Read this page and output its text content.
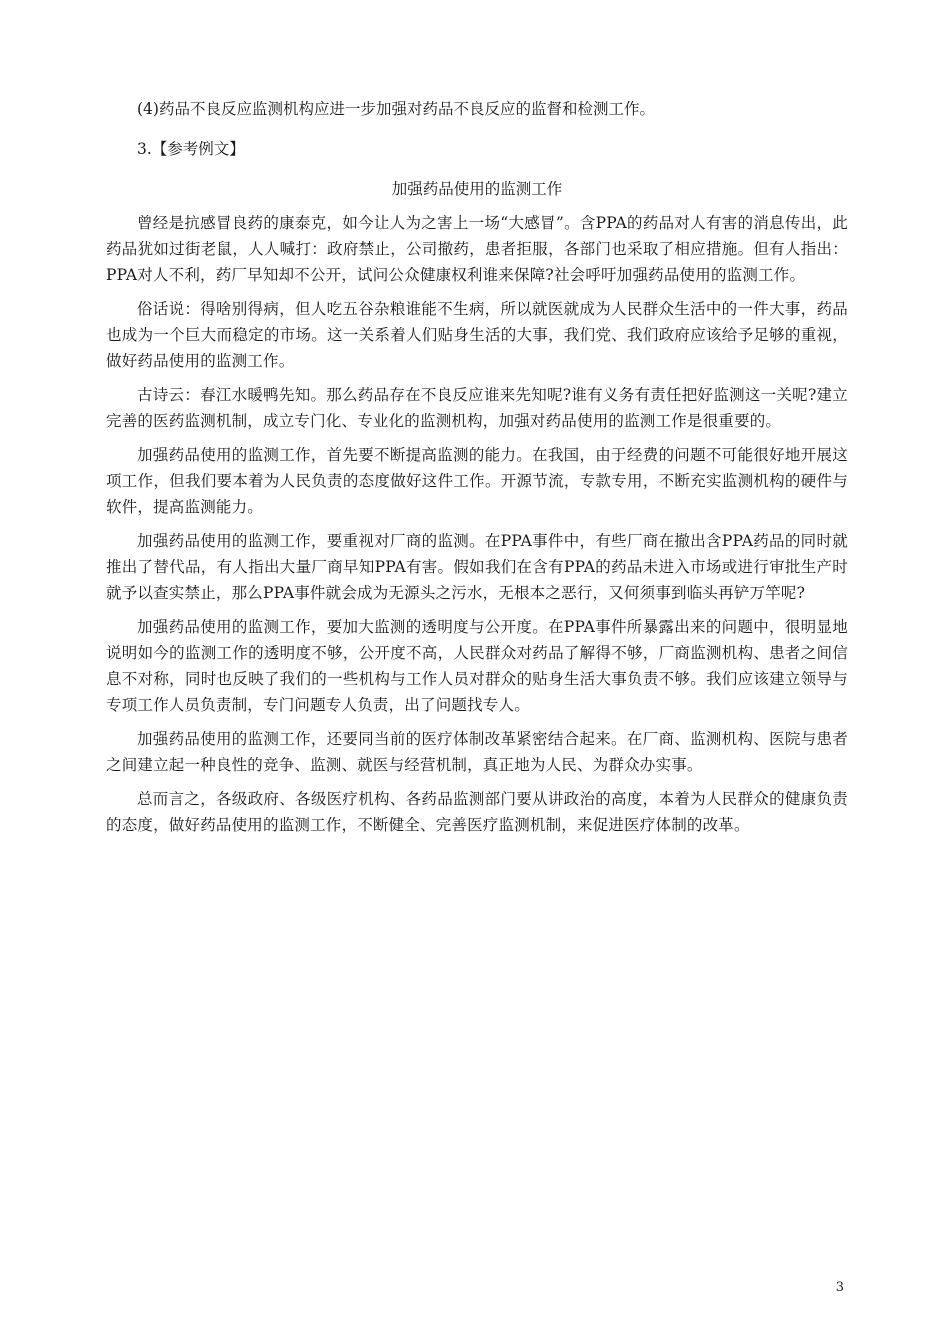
(4)药品不良反应监测机构应进一步加强对药品不良反应的监督和检测工作。

3.【参考例文】

加强药品使用的监测工作

曾经是抗感冒良药的康泰克，如今让人为之害上一场“大感冒”。含PPA的药品对人有害的消息传出，此药品犹如过街老鼠，人人喊打：政府禁止，公司撤药，患者拒服，各部门也采取了相应措施。但有人指出：PPA对人不利，药厂早知却不公开，试问公众健康权利谁来保障?社会呼吁加强药品使用的监测工作。

俗话说：得啥别得病，但人吃五谷杂粮谁能不生病，所以就医就成为人民群众生活中的一件大事，药品也成为一个巨大而稳定的市场。这一关系着人们贴身生活的大事，我们党、我们政府应该给予足够的重视，做好药品使用的监测工作。

古诗云：春江水暖鸭先知。那么药品存在不良反应谁来先知呢?谁有义务有责任把好监测这一关呢?建立完善的医药监测机制，成立专门化、专业化的监测机构，加强对药品使用的监测工作是很重要的。

加强药品使用的监测工作，首先要不断提高监测的能力。在我国，由于经费的问题不可能很好地开展这项工作，但我们要本着为人民负责的态度做好这件工作。开源节流，专款专用，不断充实监测机构的硬件与软件，提高监测能力。

加强药品使用的监测工作，要重视对厂商的监测。在PPA事件中，有些厂商在撤出含PPA药品的同时就推出了替代品，有人指出大量厂商早知PPA有害。假如我们在含有PPA的药品未进入市场或进行审批生产时就予以查实禁止，那么PPA事件就会成为无源头之污水，无根本之恶行，又何须事到临头再铲万竿呢?

加强药品使用的监测工作，要加大监测的透明度与公开度。在PPA事件所暴露出来的问题中，很明显地说明如今的监测工作的透明度不够，公开度不高，人民群众对药品了解得不够，厂商监测机构、患者之间信息不对称，同时也反映了我们的一些机构与工作人员对群众的贴身生活大事负责不够。我们应该建立领导与专项工作人员负责制，专门问题专人负责，出了问题找专人。

加强药品使用的监测工作，还要同当前的医疗体制改革紧密结合起来。在厂商、监测机构、医院与患者之间建立起一种良性的竞争、监测、就医与经营机制，真正地为人民、为群众办实事。

总而言之，各级政府、各级医疗机构、各药品监测部门要从讲政治的高度，本着为人民群众的健康负责的态度，做好药品使用的监测工作，不断健全、完善医疗监测机制，来促进医疗体制的改革。

3
